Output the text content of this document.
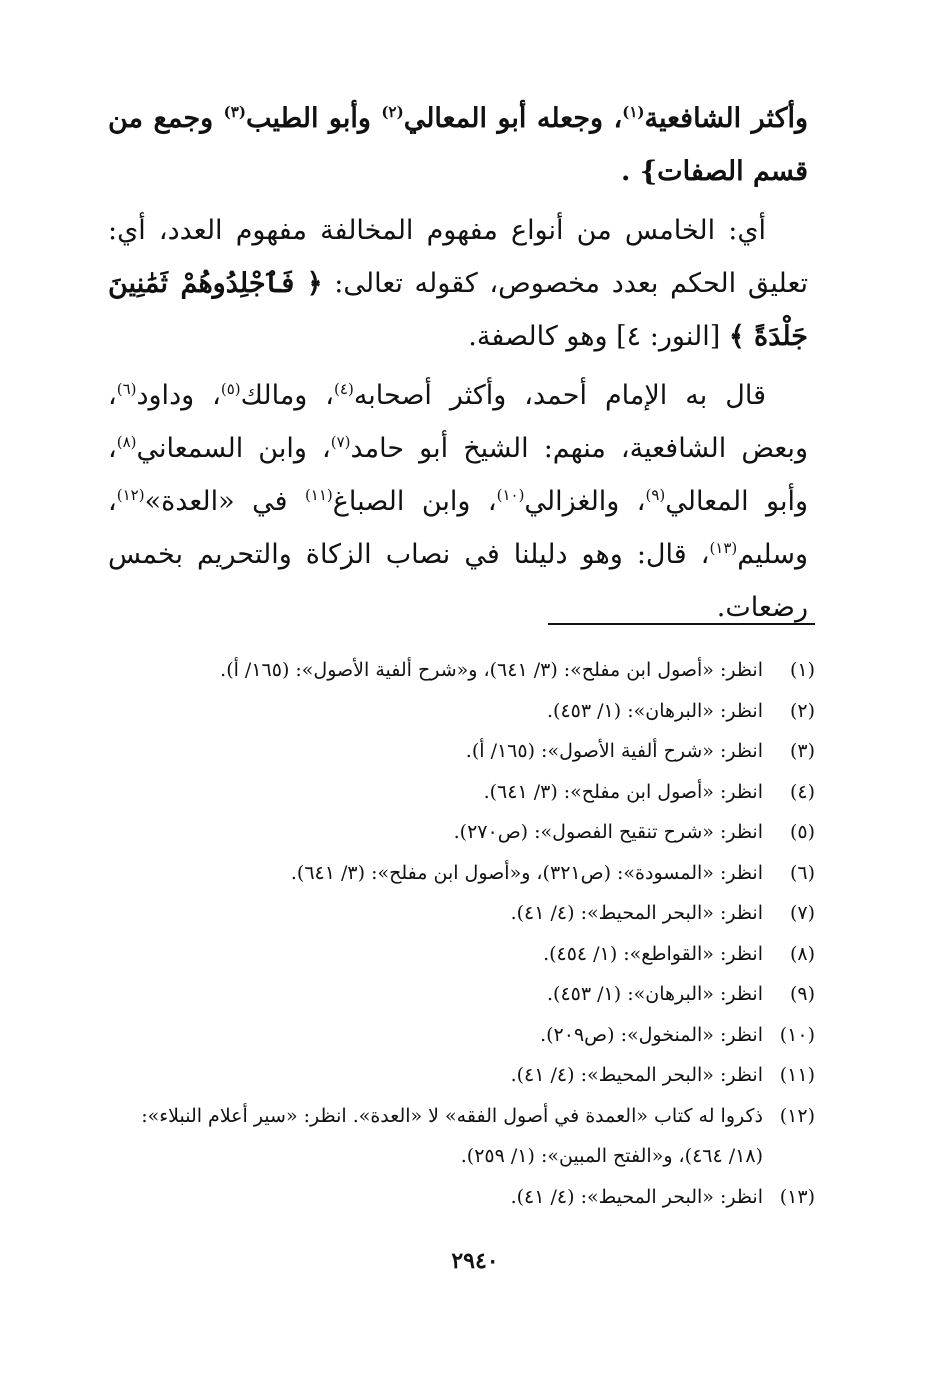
وأكثر الشافعية$^{(١)}$، وجعله أبو المعالي$^{(٢)}$ وأبو الطيب$^{(٣)}$ وجمع من قسم الصفات} .

أي: الخامس من أنواع مفهوم المخالفة مفهوم العدد، أي: تعليق الحكم بعدد مخصوص، كقوله تعالى: ﴿ فَٱجْلِدُوهُمْ ثَمَٰنِينَ جَلْدَةً ﴾ [النور: ٤] وهو كالصفة.

قال به الإمام أحمد، وأكثر أصحابه$^{(٤)}$، ومالك$^{(٥)}$، وداود$^{(٦)}$، وبعض الشافعية، منهم: الشيخ أبو حامد$^{(٧)}$، وابن السمعاني$^{(٨)}$، وأبو المعالي$^{(٩)}$، والغزالي$^{(١٠)}$، وابن الصباغ$^{(١١)}$ في «العدة»$^{(١٢)}$، وسليم$^{(١٣)}$، قال: وهو دليلنا في نصاب الزكاة والتحريم بخمس رضعات.

(١)
انظر: «أصول ابن مفلح»: (٣/ ٦٤١)، و«شرح ألفية الأصول»: (١٦٥/ أ).
(٢)
انظر: «البرهان»: (١/ ٤٥٣).
(٣)
انظر: «شرح ألفية الأصول»: (١٦٥/ أ).
(٤)
انظر: «أصول ابن مفلح»: (٣/ ٦٤١).
(٥)
انظر: «شرح تنقيح الفصول»: (ص٢٧٠).
(٦)
انظر: «المسودة»: (ص٣٢١)، و«أصول ابن مفلح»: (٣/ ٦٤١).
(٧)
انظر: «البحر المحيط»: (٤/ ٤١).
(٨)
انظر: «القواطع»: (١/ ٤٥٤).
(٩)
انظر: «البرهان»: (١/ ٤٥٣).
(١٠)
انظر: «المنخول»: (ص٢٠٩).
(١١)
انظر: «البحر المحيط»: (٤/ ٤١).
(١٢)
ذكروا له كتاب «العمدة في أصول الفقه» لا «العدة». انظر: «سير أعلام النبلاء»:
(١٨/ ٤٦٤)، و«الفتح المبين»: (١/ ٢٥٩).
(١٣)
انظر: «البحر المحيط»: (٤/ ٤١).
٢٩٤٠
